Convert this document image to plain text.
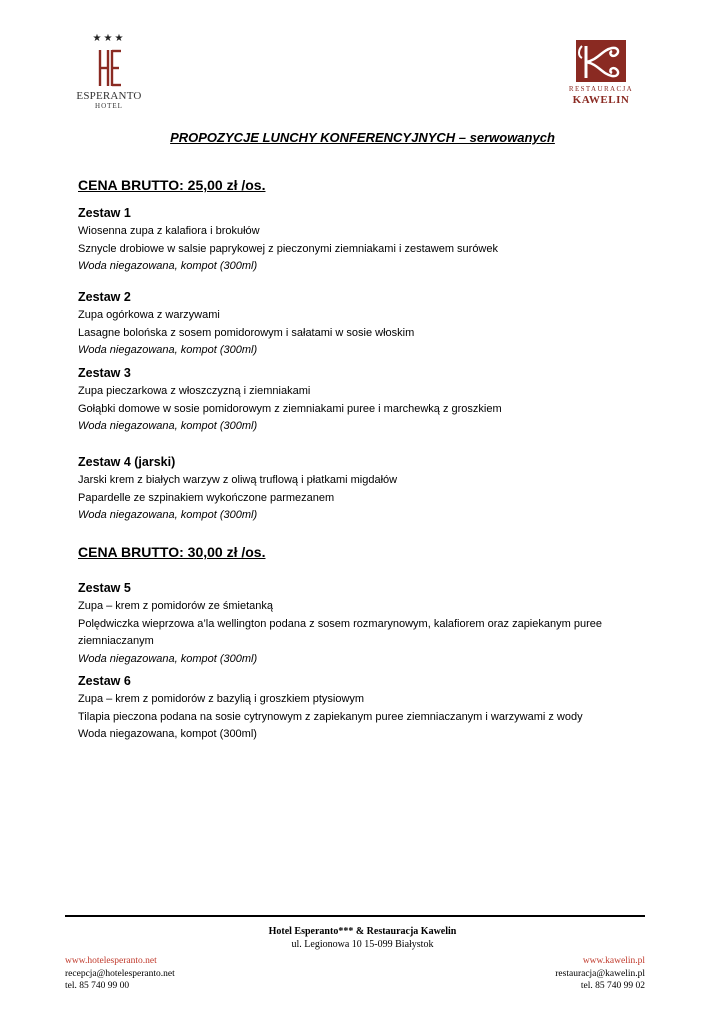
★★★
ESPERANTO
HOTEL
RESTAURACJA
KAWELIN
PROPOZYCJE LUNCHY KONFERENCYJNYCH – serwowanych
CENA BRUTTO: 25,00 zł /os.
Zestaw 1

Wiosenna zupa z kalafiora i brokułów

Sznycle drobiowe w salsie paprykowej z pieczonymi ziemniakami i zestawem surówek

Woda niegazowana, kompot (300ml)

Zestaw 2

Zupa ogórkowa z warzywami

Lasagne bolońska z sosem pomidorowym i sałatami w sosie włoskim

Woda niegazowana, kompot (300ml)

Zestaw 3

Zupa pieczarkowa z włoszczyzną i ziemniakami

Gołąbki domowe w sosie pomidorowym z ziemniakami puree i marchewką z groszkiem

Woda niegazowana, kompot (300ml)

Zestaw 4 (jarski)

Jarski krem z białych warzyw z oliwą truflową i płatkami migdałów

Papardelle ze szpinakiem wykończone parmezanem

Woda niegazowana, kompot (300ml)

CENA BRUTTO: 30,00 zł /os.
Zestaw 5

Zupa – krem z pomidorów ze śmietanką

Polędwiczka wieprzowa a’la wellington podana z sosem rozmarynowym, kalafiorem oraz zapiekanym puree

ziemniaczanym

Woda niegazowana, kompot (300ml)

Zestaw 6

Zupa – krem z pomidorów z bazylią i groszkiem ptysiowym

Tilapia pieczona podana na sosie cytrynowym z zapiekanym puree ziemniaczanym i warzywami z wody

Woda niegazowana, kompot (300ml)

Hotel Esperanto*** & Restauracja Kawelin
ul. Legionowa 10 15-099 Białystok
www.hotelesperanto.net
recepcja@hotelesperanto.net
tel. 85 740 99 00
www.kawelin.pl
restauracja@kawelin.pl
tel. 85 740 99 02
